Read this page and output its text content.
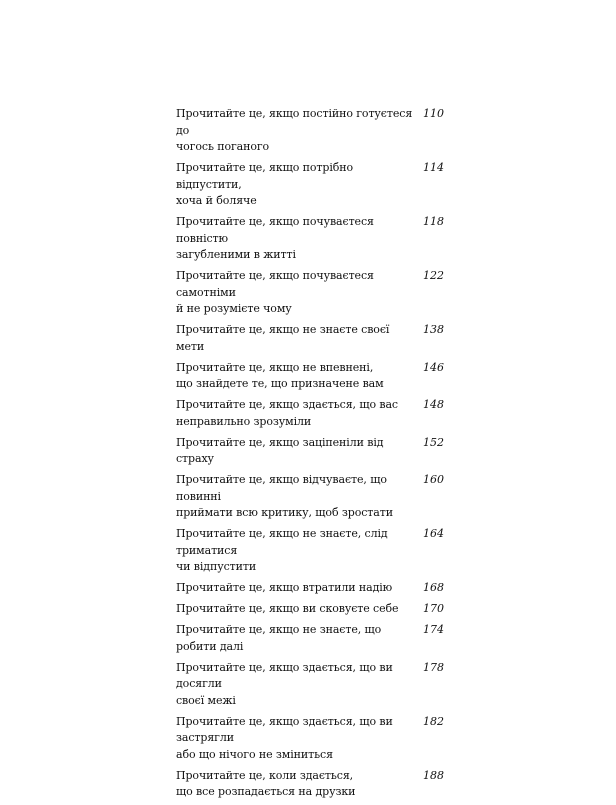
Прочитайте це, якщо постійно готуєтеся до
чогось поганого
110
Прочитайте це, якщо потрібно відпустити,
хоча й боляче
114
Прочитайте це, якщо почуваєтеся повністю
загубленими в житті
118
Прочитайте це, якщо почуваєтеся самотніми
й не розумієте чому
122
Прочитайте це, якщо не знаєте своєї мети
138
Прочитайте це, якщо не впевнені,
що знайдете те, що призначене вам
146
Прочитайте це, якщо здається, що вас
неправильно зрозуміли
148
Прочитайте це, якщо заціпеніли від страху
152
Прочитайте це, якщо відчуваєте, що повинні
приймати всю критику, щоб зростати
160
Прочитайте це, якщо не знаєте, слід триматися
чи відпустити
164
Прочитайте це, якщо втратили надію	168
Прочитайте це, якщо ви сковуєте себе	170
Прочитайте це, якщо не знаєте, що робити далі
174
Прочитайте це, якщо здається, що ви досягли
своєї межі
178
Прочитайте це, якщо здається, що ви застрягли
або що нічого не зміниться
182
Прочитайте це, коли здається,
що все розпадається на друзки
188
